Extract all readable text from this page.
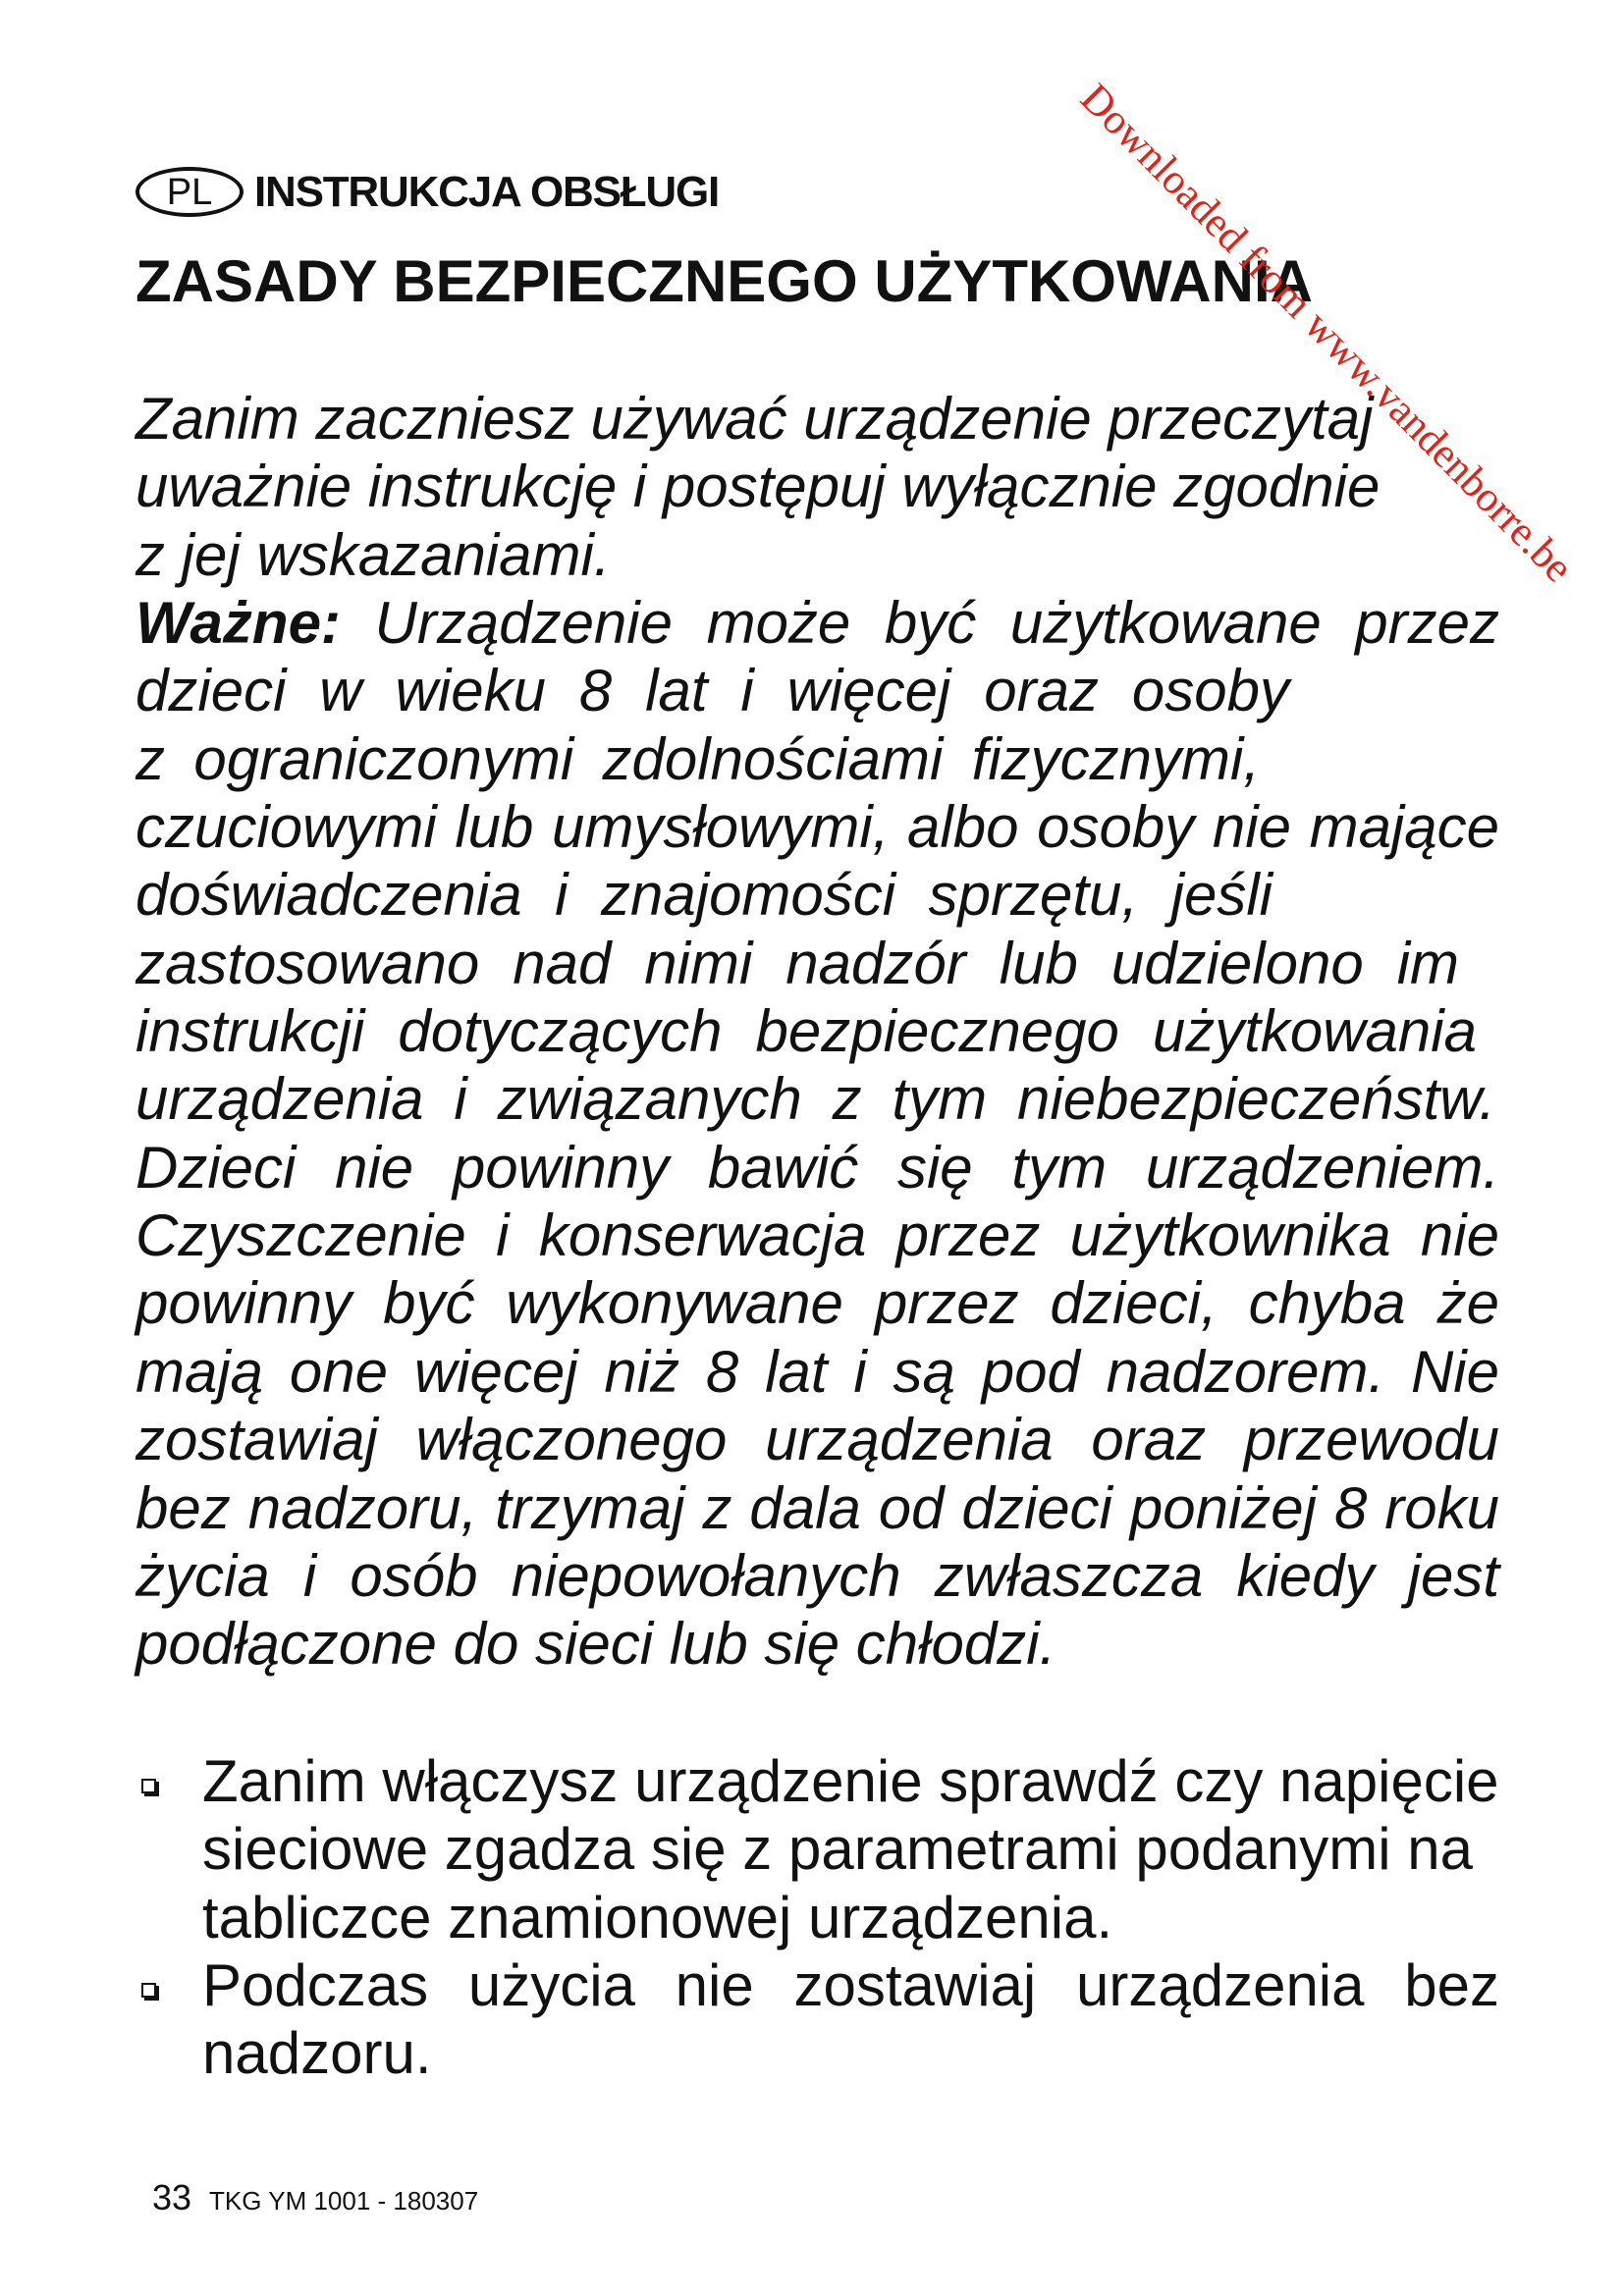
PL INSTRUKCJA OBSŁUGI
ZASADY BEZPIECZNEGO UŻYTKOWANIA
Zanim zaczniesz używać urządzenie przeczytaj
uważnie instrukcję i postępuj wyłącznie zgodnie
z jej wskazaniami.
Ważne: Urządzenie może być użytkowane przez
dzieci w wieku 8 lat i więcej oraz osoby
z ograniczonymi zdolnościami fizycznymi,
czuciowymi lub umysłowymi, albo osoby nie mające
doświadczenia i znajomości sprzętu, jeśli
zastosowano nad nimi nadzór lub udzielono im
instrukcji dotyczących bezpiecznego użytkowania
urządzenia i związanych z tym niebezpieczeństw.
Dzieci nie powinny bawić się tym urządzeniem.
Czyszczenie i konserwacja przez użytkownika nie
powinny być wykonywane przez dzieci, chyba że
mają one więcej niż 8 lat i są pod nadzorem. Nie
zostawiaj włączonego urządzenia oraz przewodu
bez nadzoru, trzymaj z dala od dzieci poniżej 8 roku
życia i osób niepowołanych zwłaszcza kiedy jest
podłączone do sieci lub się chłodzi.
Zanim włączysz urządzenie sprawdź czy napięcie
sieciowe zgadza się z parametrami podanymi na
tabliczce znamionowej urządzenia.
Podczas użycia nie zostawiaj urządzenia bez
nadzoru.
33 TKG YM 1001 - 180307
Downloaded from www.vandenborre.be
